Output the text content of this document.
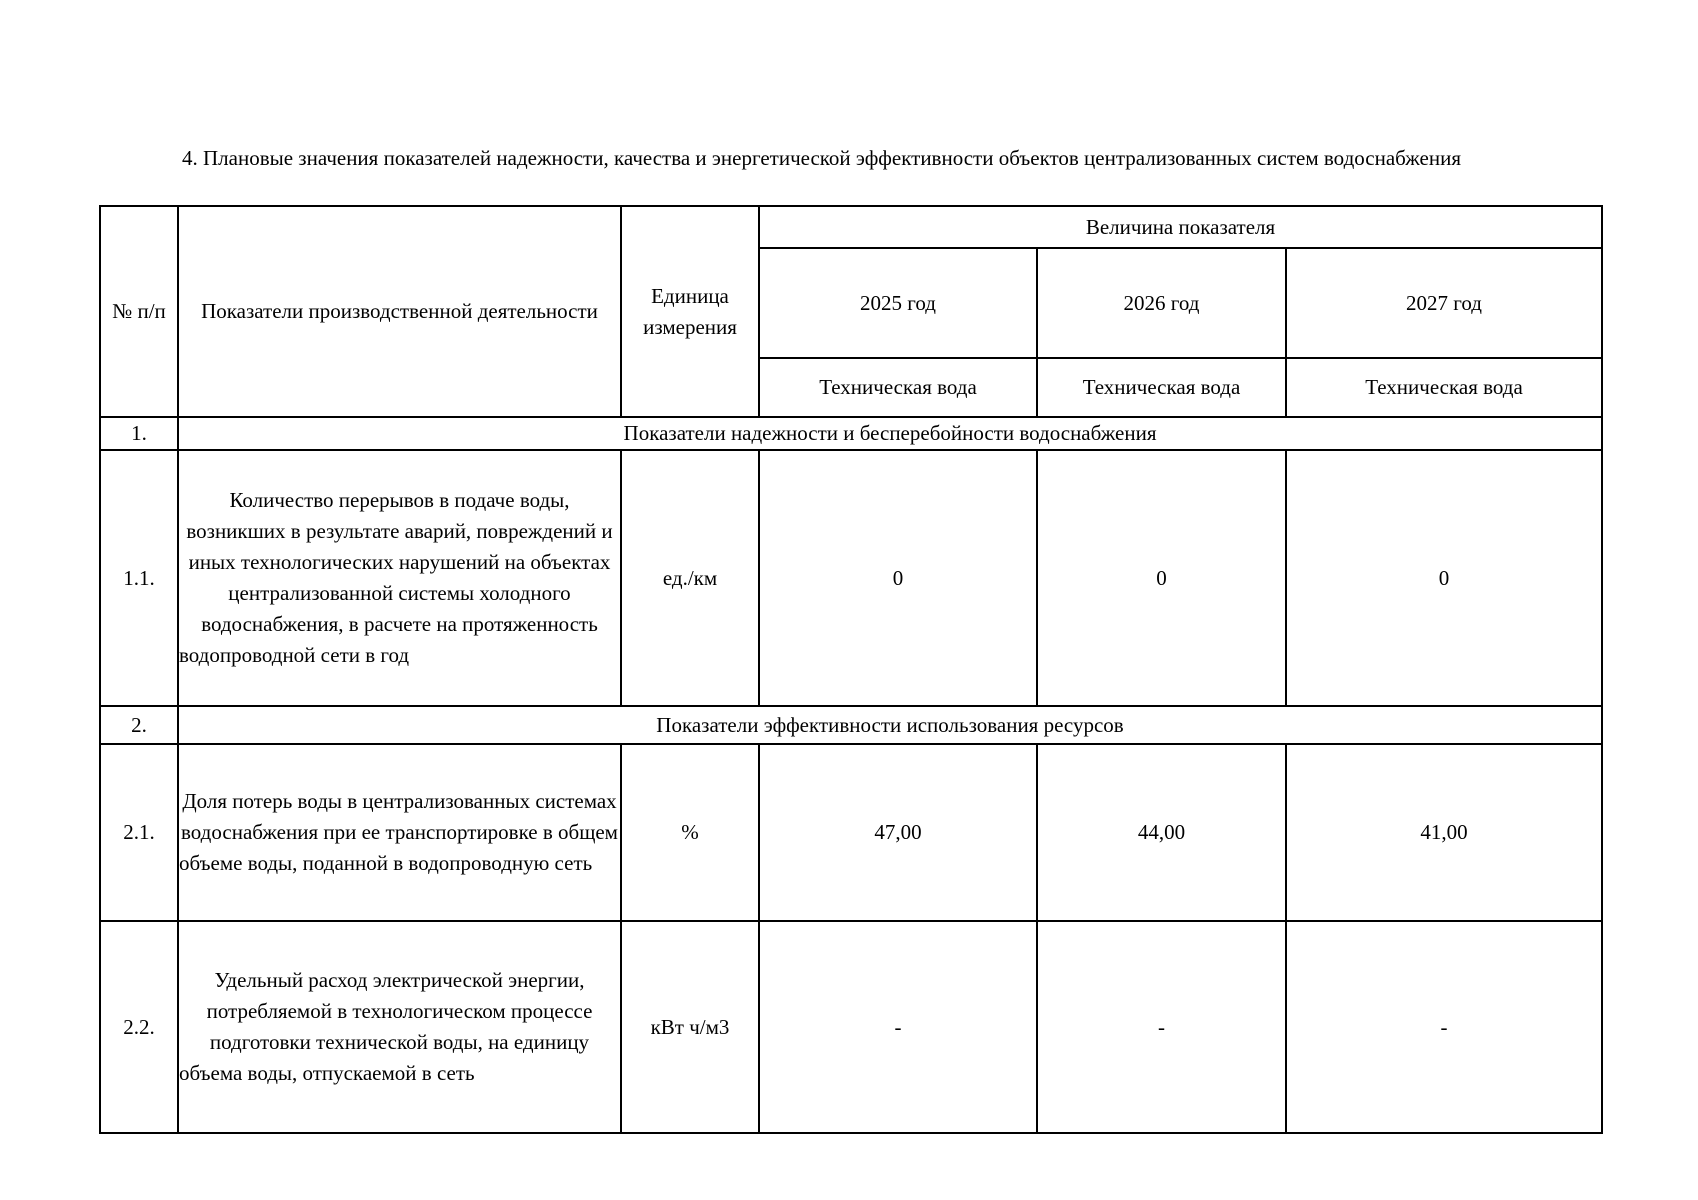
4. Плановые значения показателей надежности, качества и энергетической эффективности объектов централизованных систем водоснабжения
№ п/п	Показатели производственной деятельности	Единица измерения	Величина показателя		
			2025 год	2026 год	2027 год
			Техническая вода	Техническая вода	Техническая вода
1.	Показатели надежности и бесперебойности водоснабжения				
1.1.	Количество перерывов в подаче воды, возникших в результате аварий, повреждений и иных технологических нарушений на объектах централизованной системы холодного водоснабжения, в расчете на протяженность водопроводной сети в год	ед./км	0	0	0
2.	Показатели эффективности использования ресурсов				
2.1.	Доля потерь воды в централизованных системах водоснабжения при ее транспортировке в общем объеме воды, поданной в водопроводную сеть	%	47,00	44,00	41,00
2.2.	Удельный расход электрической энергии, потребляемой в технологическом процессе подготовки технической воды, на единицу объема воды, отпускаемой в сеть	кВт ч/м3	-	-	-
